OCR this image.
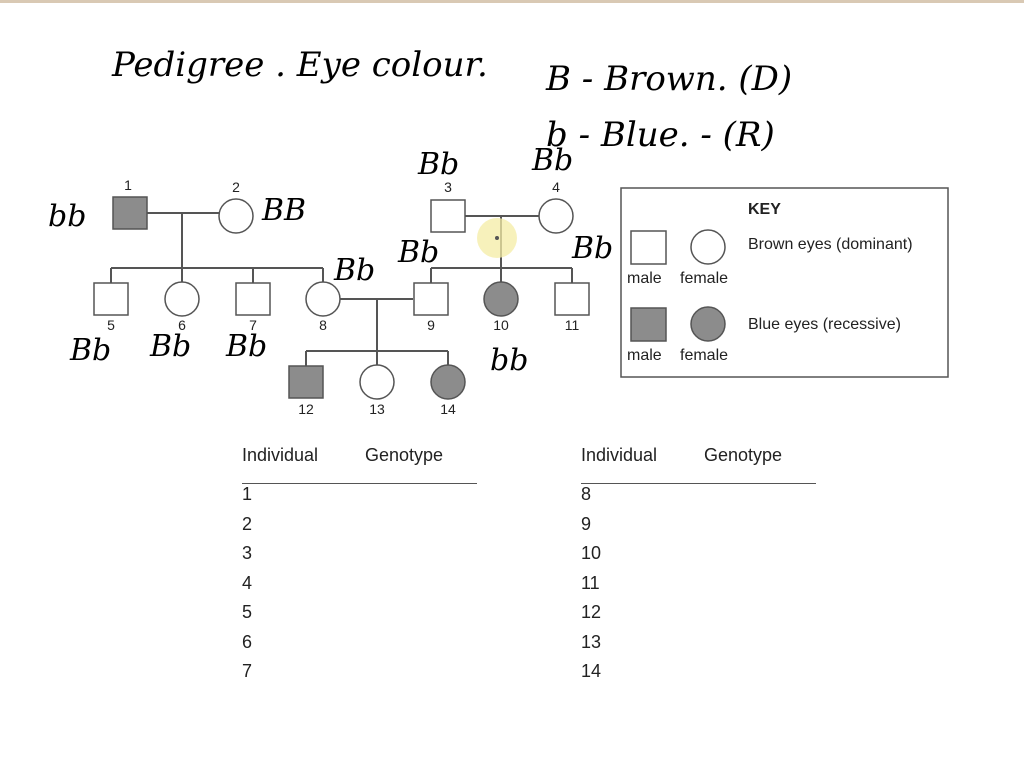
Pedigree . Eye colour. B - Brown. (D)
b - Blue. - (R)
1
bb
2
BB
3
Bb
4
Bb
5
Bb
6
Bb
7
Bb
8
Bb
9
Bb
10
bb
11
Bb
12	13	14
KEY
male female
Brown eyes (dominant)
male female
Blue eyes (recessive)
Individual	Genotype
1
2
3
4
5
6
7
Individual	Genotype
8
9
10
11
12
13
14
